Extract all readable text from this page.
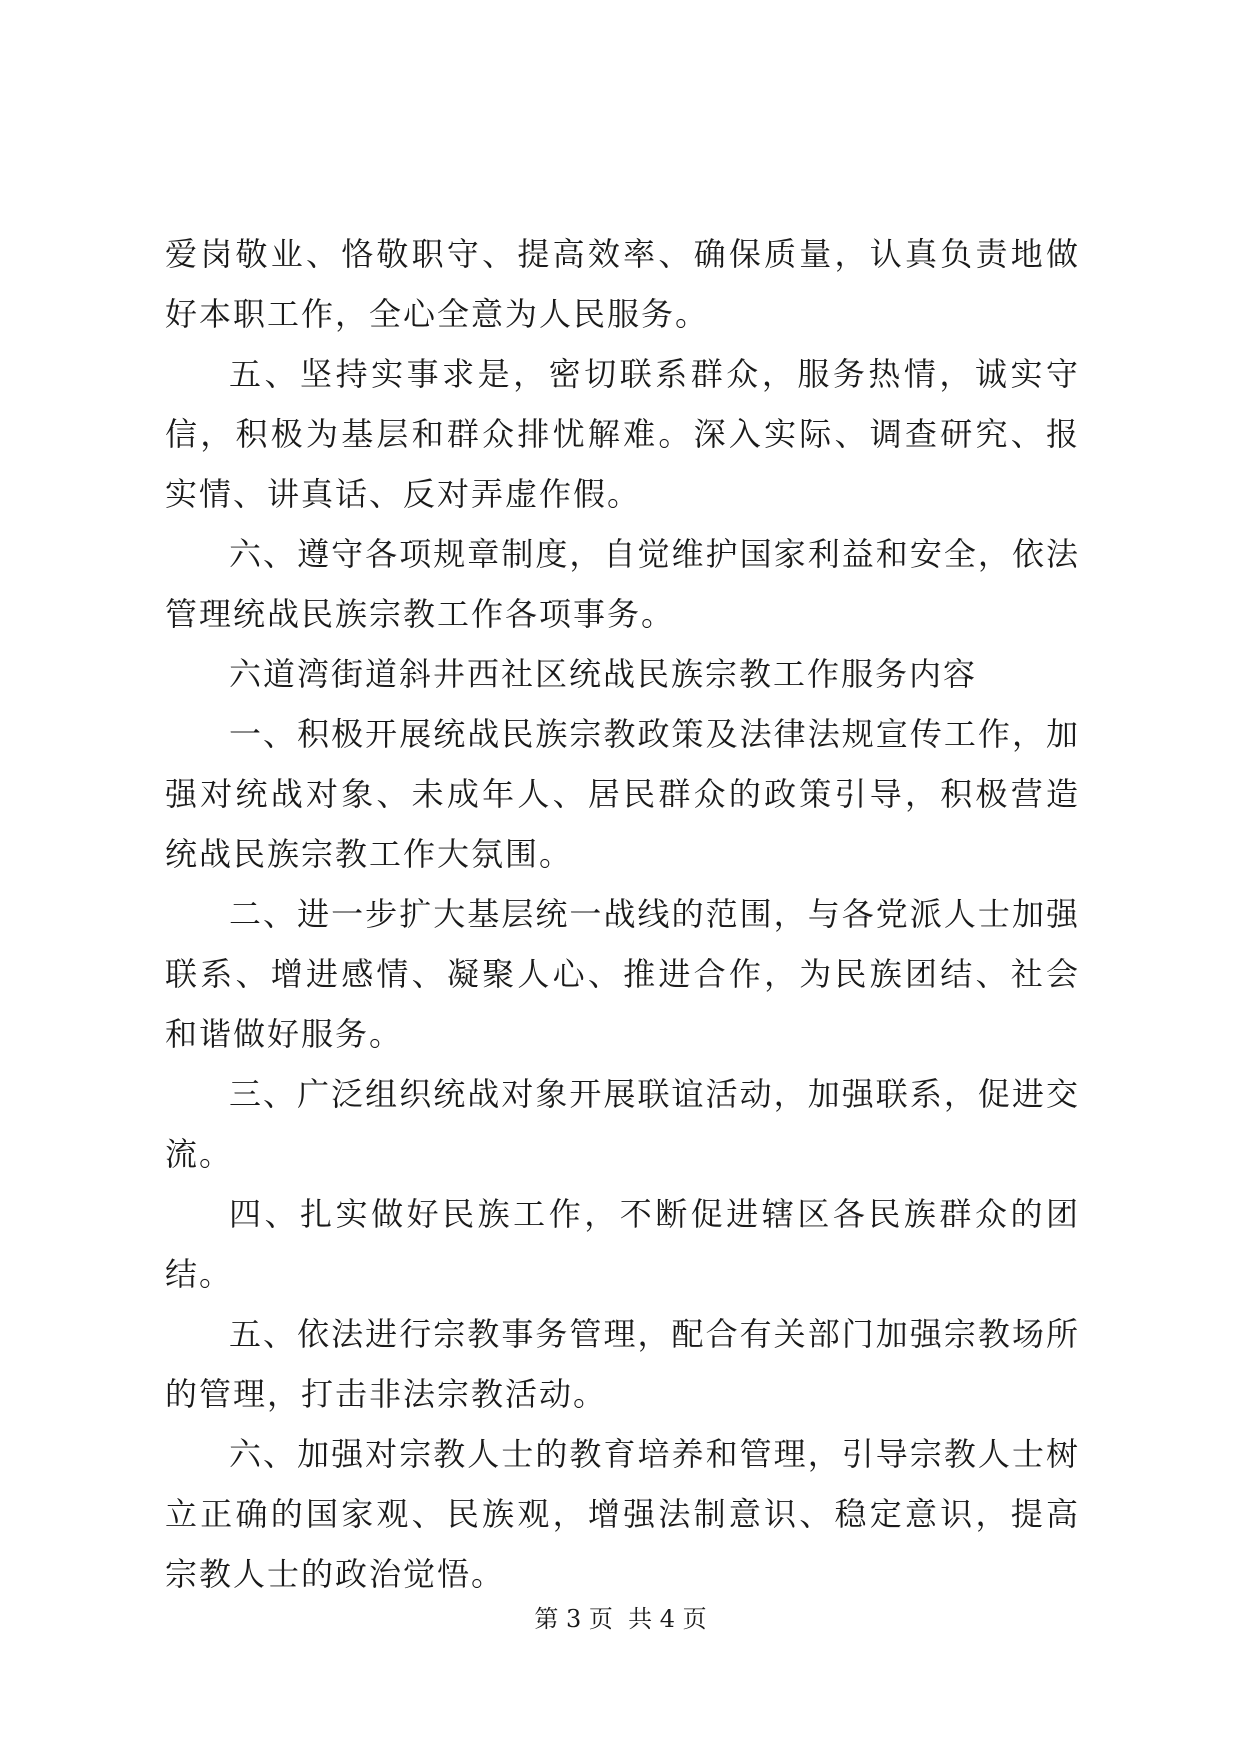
爱岗敬业、恪敬职守、提高效率、确保质量，认真负责地做好本职工作，全心全意为人民服务。

五、坚持实事求是，密切联系群众，服务热情，诚实守信，积极为基层和群众排忧解难。深入实际、调查研究、报实情、讲真话、反对弄虚作假。

六、遵守各项规章制度，自觉维护国家利益和安全，依法管理统战民族宗教工作各项事务。

六道湾街道斜井西社区统战民族宗教工作服务内容

一、积极开展统战民族宗教政策及法律法规宣传工作，加强对统战对象、未成年人、居民群众的政策引导，积极营造统战民族宗教工作大氛围。

二、进一步扩大基层统一战线的范围，与各党派人士加强联系、增进感情、凝聚人心、推进合作，为民族团结、社会和谐做好服务。

三、广泛组织统战对象开展联谊活动，加强联系，促进交流。

四、扎实做好民族工作，不断促进辖区各民族群众的团结。

五、依法进行宗教事务管理，配合有关部门加强宗教场所的管理，打击非法宗教活动。

六、加强对宗教人士的教育培养和管理，引导宗教人士树立正确的国家观、民族观，增强法制意识、稳定意识，提高宗教人士的政治觉悟。

第 3 页  共 4 页
